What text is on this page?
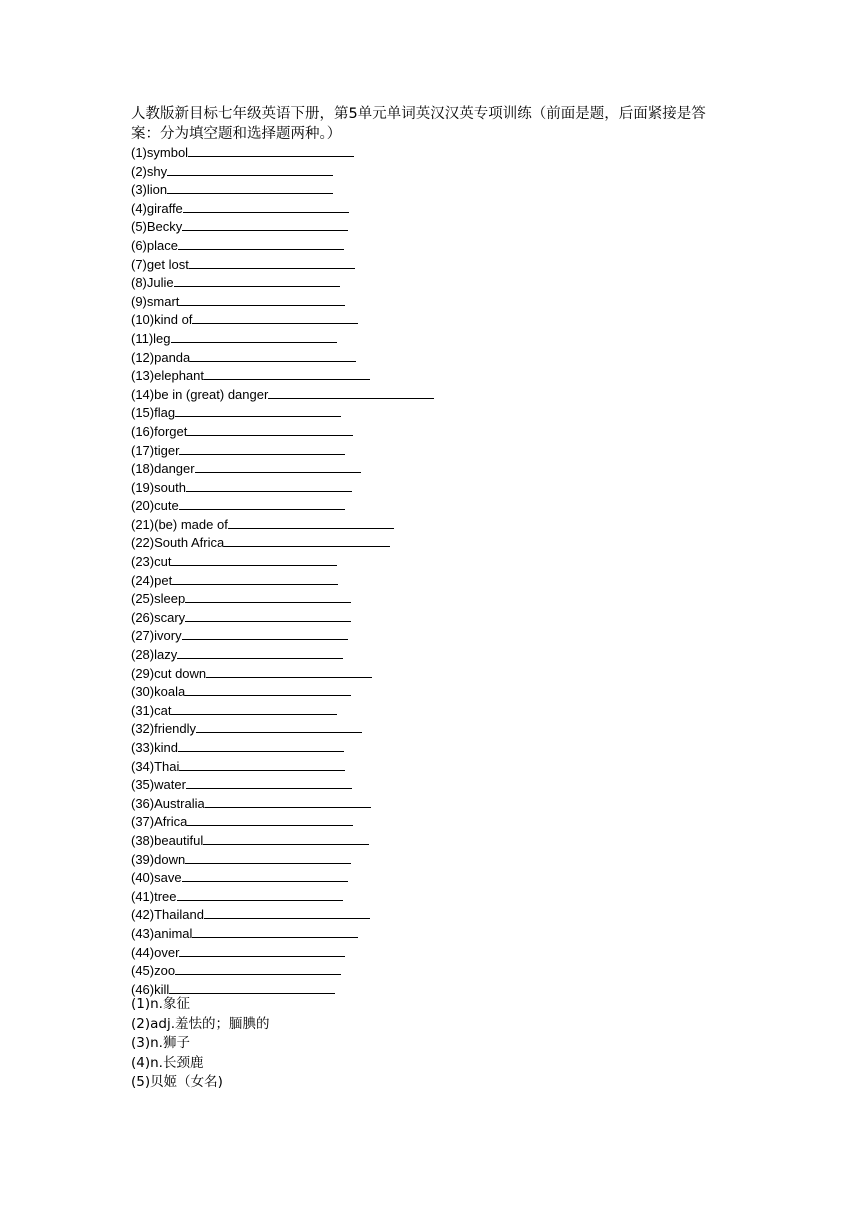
人教版新目标七年级英语下册，第5单元单词英汉汉英专项训练（前面是题，后面紧接是答案：分为填空题和选择题两种。）
(1)symbol
(2)shy
(3)lion
(4)giraffe
(5)Becky
(6)place
(7)get lost
(8)Julie
(9)smart
(10)kind of
(11)leg
(12)panda
(13)elephant
(14)be in (great) danger
(15)flag
(16)forget
(17)tiger
(18)danger
(19)south
(20)cute
(21)(be) made of
(22)South Africa
(23)cut
(24)pet
(25)sleep
(26)scary
(27)ivory
(28)lazy
(29)cut down
(30)koala
(31)cat
(32)friendly
(33)kind
(34)Thai
(35)water
(36)Australia
(37)Africa
(38)beautiful
(39)down
(40)save
(41)tree
(42)Thailand
(43)animal
(44)over
(45)zoo
(46)kill
(1)n.象征
(2)adj.羞怯的；腼腆的
(3)n.狮子
(4)n.长颈鹿
(5)贝姬（女名)
